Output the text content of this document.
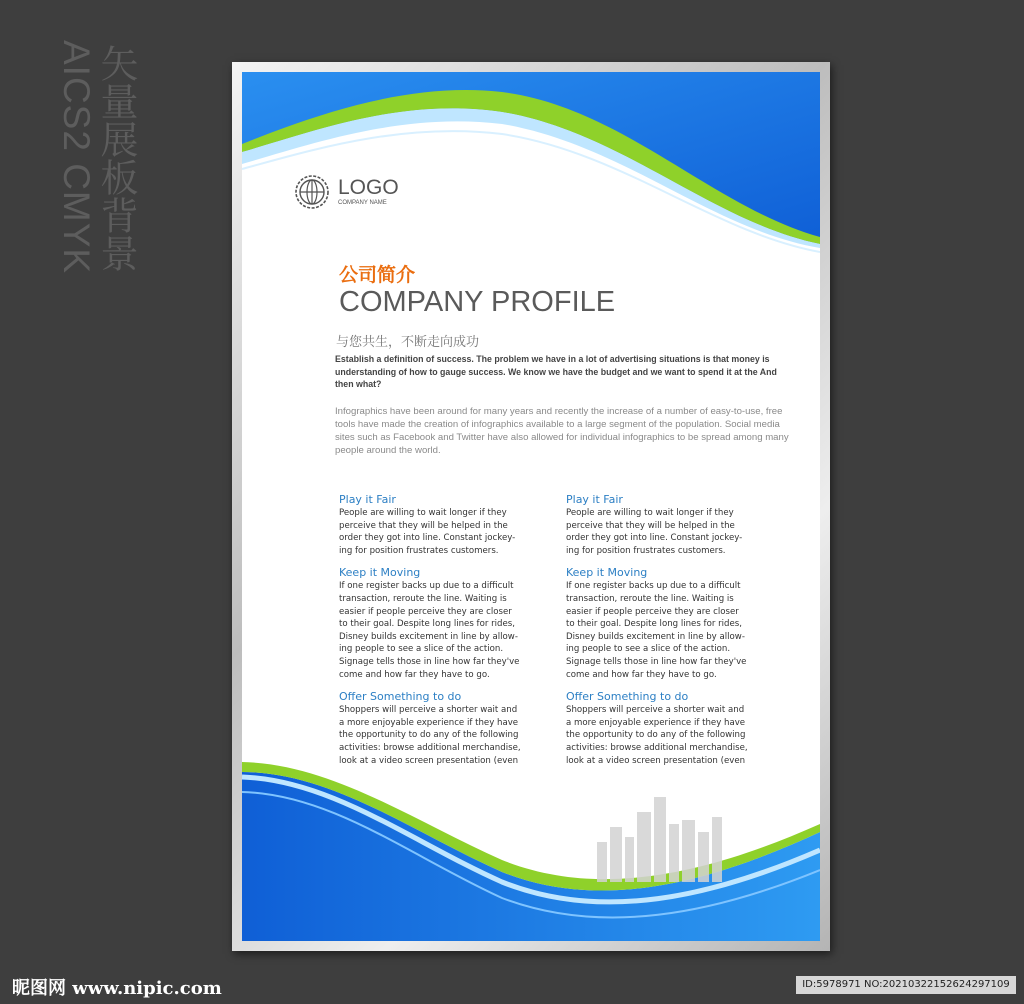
矢量展板背景
AICS2 CMYK	LOGO
COMPANY NAME
公司简介
COMPANY PROFILE
与您共生，不断走向成功
Establish a definition of success. The problem we have in a lot of advertising situations is that money is understanding of how to gauge success. We know we have the budget and we want to spend it at the And then what?
Infographics have been around for many years and recently the increase of a number of easy-to-use, free tools have made the creation of infographics available to a large segment of the population. Social media sites such as Facebook and Twitter have also allowed for individual infographics to be spread among many people around the world.
Play it Fair

People are willing to wait longer if they
perceive that they will be helped in the
order they got into line. Constant jockey-
ing for position frustrates customers.

Keep it Moving

If one register backs up due to a difficult
transaction, reroute the line. Waiting is
easier if people perceive they are closer
to their goal. Despite long lines for rides,
Disney builds excitement in line by allow-
ing people to see a slice of the action.
Signage tells those in line how far they've
come and how far they have to go.

Offer Something to do

Shoppers will perceive a shorter wait and
a more enjoyable experience if they have
the opportunity to do any of the following
activities: browse additional merchandise,
look at a video screen presentation (even

Play it Fair

People are willing to wait longer if they
perceive that they will be helped in the
order they got into line. Constant jockey-
ing for position frustrates customers.

Keep it Moving

If one register backs up due to a difficult
transaction, reroute the line. Waiting is
easier if people perceive they are closer
to their goal. Despite long lines for rides,
Disney builds excitement in line by allow-
ing people to see a slice of the action.
Signage tells those in line how far they've
come and how far they have to go.

Offer Something to do

Shoppers will perceive a shorter wait and
a more enjoyable experience if they have
the opportunity to do any of the following
activities: browse additional merchandise,
look at a video screen presentation (even

昵图网 www.nipic.com	ID:5978971 NO:20210322152624297109
